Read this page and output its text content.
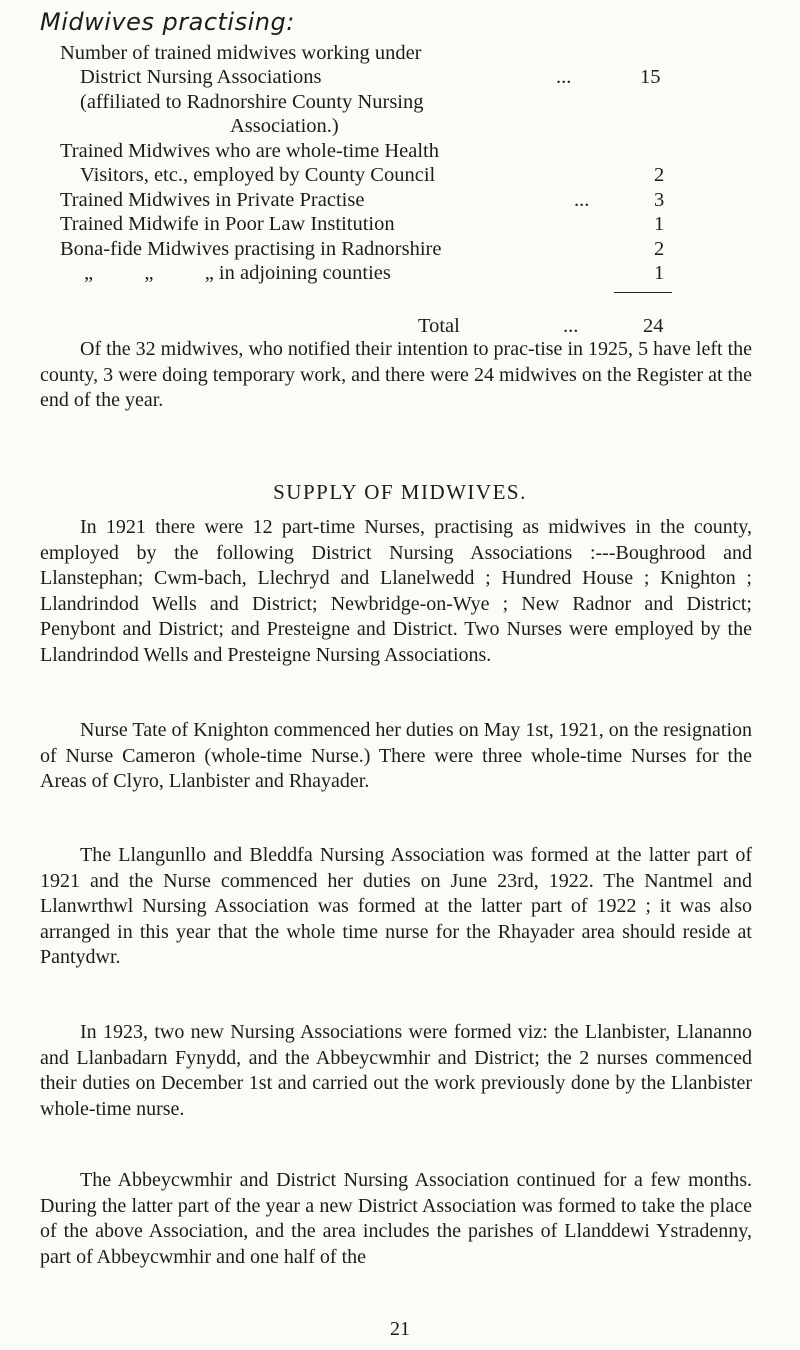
Midwives practising:
Number of trained midwives working under
District Nursing Associations	...	15
(affiliated to Radnorshire County Nursing
Association.)
Trained Midwives who are whole-time Health
Visitors, etc., employed by County Council	2
Trained Midwives in Private Practise	...	3
Trained Midwife in Poor Law Institution	1
Bona-fide Midwives practising in Radnorshire	2
„          „          „ in adjoining counties	1
Total	...	24

Of the 32 midwives, who notified their intention to prac-tise in 1925, 5 have left the county, 3 were doing temporary work, and there were 24 midwives on the Register at the end of the year.

SUPPLY OF MIDWIVES.

In 1921 there were 12 part-time Nurses, practising as midwives in the county, employed by the following District Nursing Associations :---Boughrood and Llanstephan; Cwm-bach, Llechryd and Llanelwedd ; Hundred House ; Knighton ; Llandrindod Wells and District; Newbridge-on-Wye ; New Radnor and District; Penybont and District; and Presteigne and District. Two Nurses were employed by the Llandrindod Wells and Presteigne Nursing Associations.

Nurse Tate of Knighton commenced her duties on May 1st, 1921, on the resignation of Nurse Cameron (whole-time Nurse.) There were three whole-time Nurses for the Areas of Clyro, Llanbister and Rhayader.

The Llangunllo and Bleddfa Nursing Association was formed at the latter part of 1921 and the Nurse commenced her duties on June 23rd, 1922. The Nantmel and Llanwrthwl Nursing Association was formed at the latter part of 1922 ; it was also arranged in this year that the whole time nurse for the Rhayader area should reside at Pantydwr.

In 1923, two new Nursing Associations were formed viz: the Llanbister, Llananno and Llanbadarn Fynydd, and the Abbeycwmhir and District; the 2 nurses commenced their duties on December 1st and carried out the work previously done by the Llanbister whole-time nurse.

The Abbeycwmhir and District Nursing Association continued for a few months. During the latter part of the year a new District Association was formed to take the place of the above Association, and the area includes the parishes of Llanddewi Ystradenny, part of Abbeycwmhir and one half of the

21
